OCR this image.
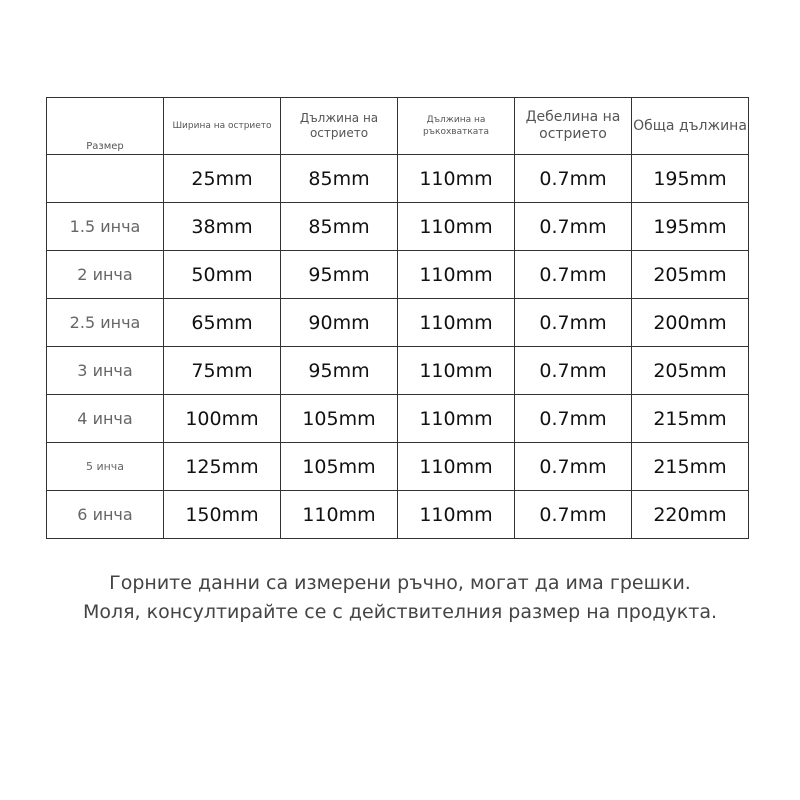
Размер	Ширина на острието	Дължина на острието	Дължина на ръкохватката	Дебелина на острието	Обща дължина
	25mm	85mm	110mm	0.7mm	195mm
1.5 инча	38mm	85mm	110mm	0.7mm	195mm
2 инча	50mm	95mm	110mm	0.7mm	205mm
2.5 инча	65mm	90mm	110mm	0.7mm	200mm
3 инча	75mm	95mm	110mm	0.7mm	205mm
4 инча	100mm	105mm	110mm	0.7mm	215mm
5 инча	125mm	105mm	110mm	0.7mm	215mm
6 инча	150mm	110mm	110mm	0.7mm	220mm
Горните данни са измерени ръчно, могат да има грешки.
Моля, консултирайте се с действителния размер на продукта.
